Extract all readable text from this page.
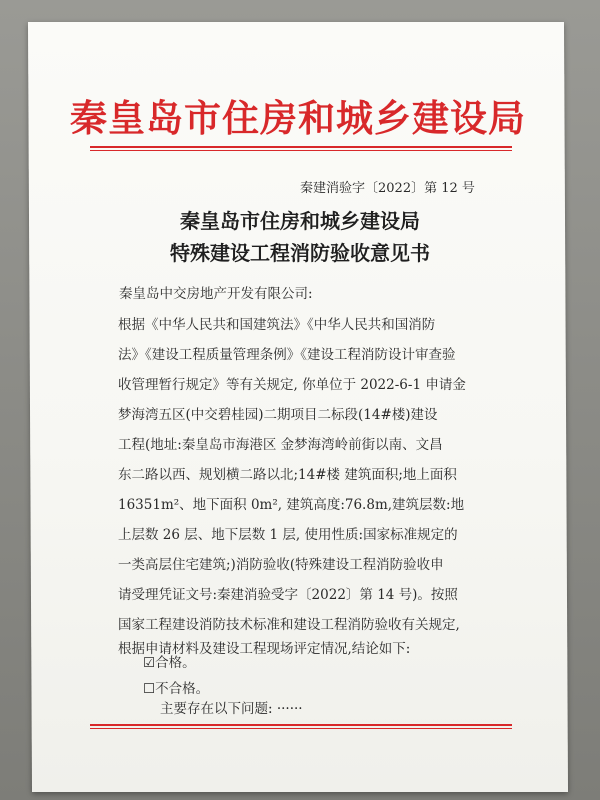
秦皇岛市住房和城乡建设局
秦建消验字〔2022〕第 12 号
秦皇岛市住房和城乡建设局
特殊建设工程消防验收意见书
秦皇岛中交房地产开发有限公司:
根据《中华人民共和国建筑法》《中华人民共和国消防
法》《建设工程质量管理条例》《建设工程消防设计审查验
收管理暂行规定》等有关规定, 你单位于 2022-6-1 申请金
梦海湾五区(中交碧桂园)二期项目二标段(14#楼)建设
工程(地址:秦皇岛市海港区 金梦海湾岭前街以南、文昌
东二路以西、规划横二路以北;14#楼 建筑面积;地上面积
16351m²、地下面积 0m², 建筑高度:76.8m,建筑层数:地
上层数 26 层、地下层数 1 层, 使用性质:国家标准规定的
一类高层住宅建筑;)消防验收(特殊建设工程消防验收申
请受理凭证文号:秦建消验受字〔2022〕第 14 号)。按照
国家工程建设消防技术标准和建设工程消防验收有关规定,
根据申请材料及建设工程现场评定情况,结论如下:
☑合格。
☐不合格。
主要存在以下问题: ······
